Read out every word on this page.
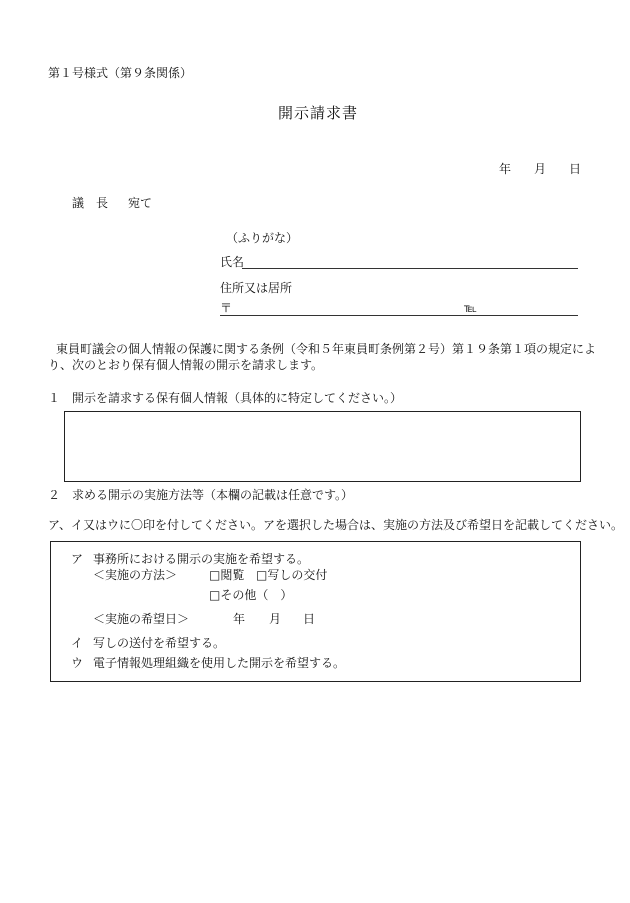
第１号様式（第９条関係）
開示請求書
年 月 日
議　長 宛て
（ふりがな）
氏名
住所又は居所
〒	℡
東員町議会の個人情報の保護に関する条例（令和５年東員町条例第２号）第１９条第１項の規定によ
り、次のとおり保有個人情報の開示を請求します。
１ 開示を請求する保有個人情報（具体的に特定してください。）
２ 求める開示の実施方法等（本欄の記載は任意です。）
ア、イ又はウに〇印を付してください。アを選択した場合は、実施の方法及び希望日を記載してください。
ア 事務所における開示の実施を希望する。
＜実施の方法＞	□閲覧 □写しの交付
□その他（　）
＜実施の希望日＞	年 月 日
イ 写しの送付を希望する。
ウ 電子情報処理組織を使用した開示を希望する。
